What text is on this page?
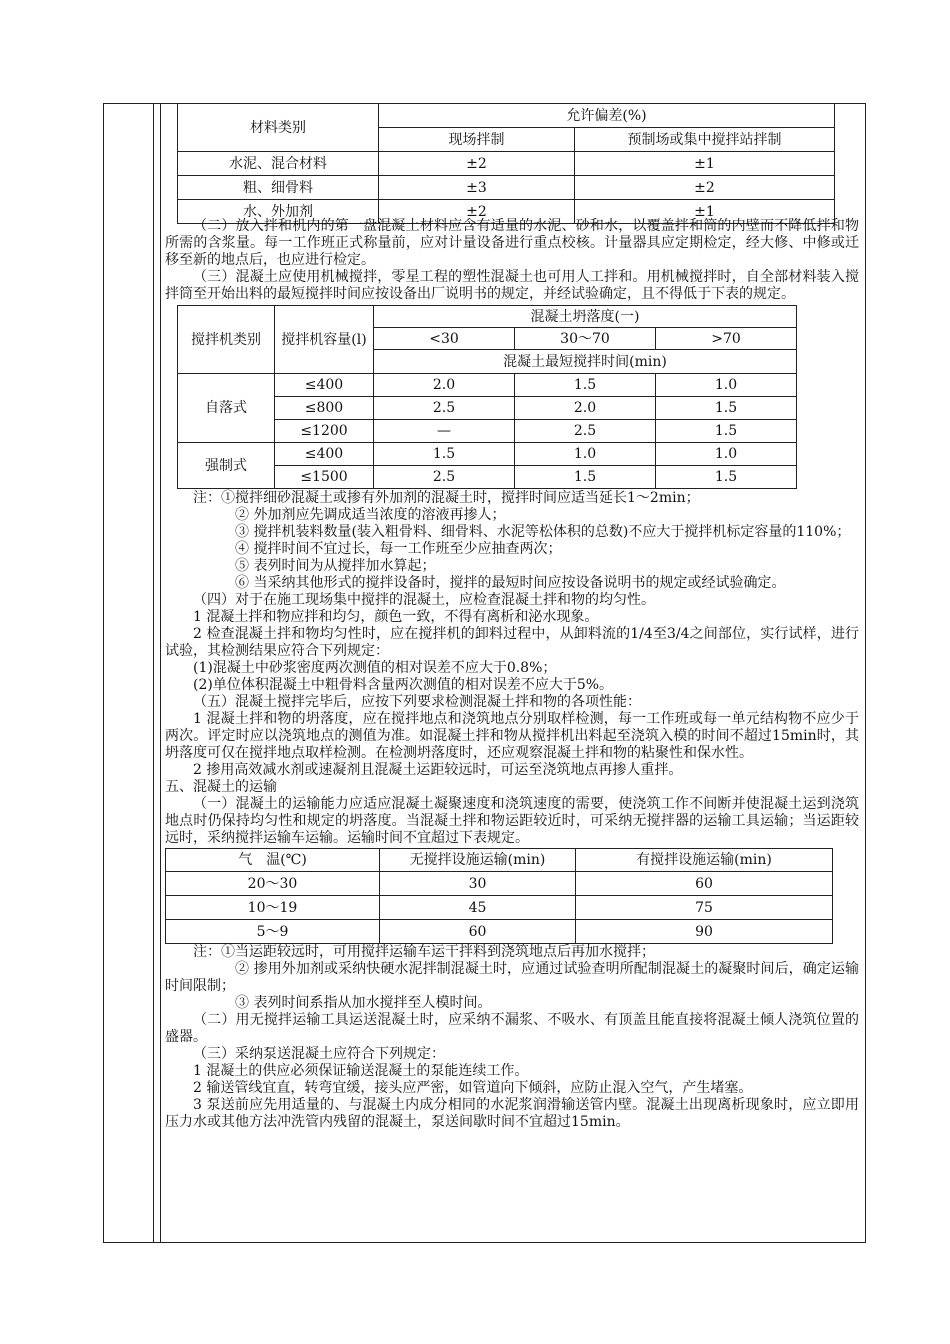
材料类别	允许偏差(%)	
	现场拌制	预制场或集中搅拌站拌制
水泥、混合材料	±2	±1
粗、细骨料	±3	±2
水、外加剂	±2	±1

（二）放入拌和机内的第一盘混凝土材料应含有适量的水泥、砂和水，以覆盖拌和筒的内壁而不降低拌和物所需的含浆量。每一工作班正式称量前，应对计量设备进行重点校核。计量器具应定期检定，经大修、中修或迁移至新的地点后，也应进行检定。

（三）混凝土应使用机械搅拌，零星工程的塑性混凝土也可用人工拌和。用机械搅拌时，自全部材料装入搅拌筒至开始出料的最短搅拌时间应按设备出厂说明书的规定，并经试验确定，且不得低于下表的规定。

搅拌机类别	搅拌机容量(l)	混凝土坍落度(一)		
		<30	30～70	>70
		混凝土最短搅拌时间(min)		
自落式	≤400	2.0	1.5	1.0
	≤800	2.5	2.0	1.5
	≤1200	—	2.5	1.5
强制式	≤400	1.5	1.0	1.0
	≤1500	2.5	1.5	1.5

注：①搅拌细砂混凝土或掺有外加剂的混凝土时，搅拌时间应适当延长1～2min；

② 外加剂应先调成适当浓度的溶液再掺人；

③ 搅拌机装料数量(装入粗骨料、细骨料、水泥等松体积的总数)不应大于搅拌机标定容量的110%；

④ 搅拌时间不宜过长，每一工作班至少应抽查两次；

⑤ 表列时间为从搅拌加水算起；

⑥ 当采纳其他形式的搅拌设备时，搅拌的最短时间应按设备说明书的规定或经试验确定。

（四）对于在施工现场集中搅拌的混凝土，应检查混凝土拌和物的均匀性。

1 混凝土拌和物应拌和均匀，颜色一致，不得有离析和泌水现象。

2 检查混凝土拌和物均匀性时，应在搅拌机的卸料过程中，从卸料流的1/4至3/4之间部位，实行试样，进行试验，其检测结果应符合下列规定：

(1)混凝土中砂浆密度两次测值的相对误差不应大于0.8%；

(2)单位体积混凝土中粗骨料含量两次测值的相对误差不应大于5%。

（五）混凝土搅拌完毕后，应按下列要求检测混凝土拌和物的各项性能：

1 混凝土拌和物的坍落度，应在搅拌地点和浇筑地点分别取样检测，每一工作班或每一单元结构物不应少于两次。评定时应以浇筑地点的测值为准。如混凝土拌和物从搅拌机出料起至浇筑入模的时间不超过15min时，其坍落度可仅在搅拌地点取样检测。在检测坍落度时，还应观察混凝土拌和物的粘聚性和保水性。

2 掺用高效减水剂或速凝剂且混凝土运距较远时，可运至浇筑地点再掺人重拌。

五、混凝土的运输

（一）混凝土的运输能力应适应混凝土凝聚速度和浇筑速度的需要，使浇筑工作不间断并使混凝土运到浇筑地点时仍保持均匀性和规定的坍落度。当混凝土拌和物运距较近时，可采纳无搅拌器的运输工具运输；当运距较远时，采纳搅拌运输车运输。运输时间不宜超过下表规定。

气　温(℃)	无搅拌设施运输(min)	有搅拌设施运输(min)
20～30	30	60
10～19	45	75
5～9	60	90

注：①当运距较远时，可用搅拌运输车运干拌料到浇筑地点后再加水搅拌；

② 掺用外加剂或采纳快硬水泥拌制混凝土时，应通过试验查明所配制混凝土的凝聚时间后，确定运输时间限制；

③ 表列时间系指从加水搅拌至人模时间。

（二）用无搅拌运输工具运送混凝土时，应采纳不漏浆、不吸水、有顶盖且能直接将混凝土倾人浇筑位置的盛器。

（三）采纳泵送混凝土应符合下列规定：

1 混凝土的供应必须保证输送混凝土的泵能连续工作。

2 输送管线宜直，转弯宜缓，接头应严密，如管道向下倾斜，应防止混入空气，产生堵塞。

3 泵送前应先用适量的、与混凝土内成分相同的水泥浆润滑输送管内壁。混凝土出现离析现象时，应立即用压力水或其他方法冲洗管内残留的混凝土，泵送间歇时间不宜超过15min。
